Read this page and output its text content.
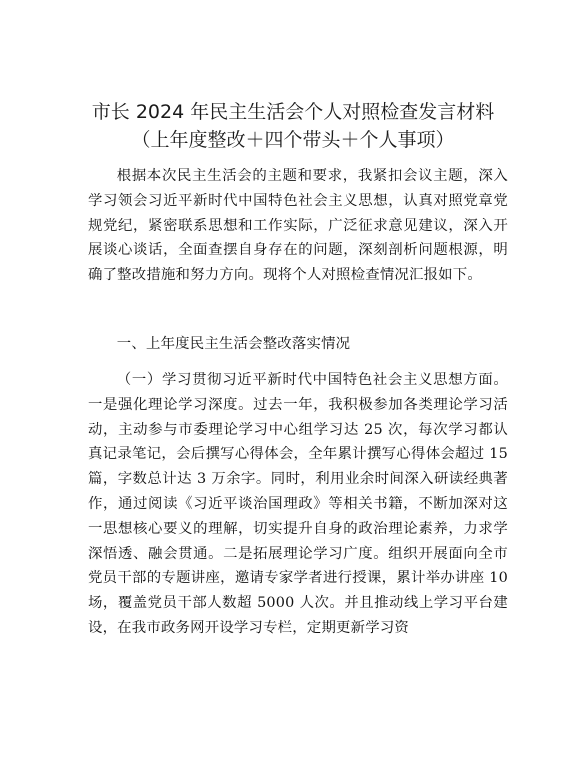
市长 2024 年民主生活会个人对照检查发言材料
（上年度整改＋四个带头＋个人事项）

根据本次民主生活会的主题和要求，我紧扣会议主题，深入学习领会习近平新时代中国特色社会主义思想，认真对照党章党规党纪，紧密联系思想和工作实际，广泛征求意见建议，深入开展谈心谈话，全面查摆自身存在的问题，深刻剖析问题根源，明确了整改措施和努力方向。现将个人对照检查情况汇报如下。

一、上年度民主生活会整改落实情况

（一）学习贯彻习近平新时代中国特色社会主义思想方面。一是强化理论学习深度。过去一年，我积极参加各类理论学习活动，主动参与市委理论学习中心组学习达 25 次，每次学习都认真记录笔记，会后撰写心得体会，全年累计撰写心得体会超过 15 篇，字数总计达 3 万余字。同时，利用业余时间深入研读经典著作，通过阅读《习近平谈治国理政》等相关书籍，不断加深对这一思想核心要义的理解，切实提升自身的政治理论素养，力求学深悟透、融会贯通。二是拓展理论学习广度。组织开展面向全市党员干部的专题讲座，邀请专家学者进行授课，累计举办讲座 10 场，覆盖党员干部人数超 5000 人次。并且推动线上学习平台建设，在我市政务网开设学习专栏，定期更新学习资
